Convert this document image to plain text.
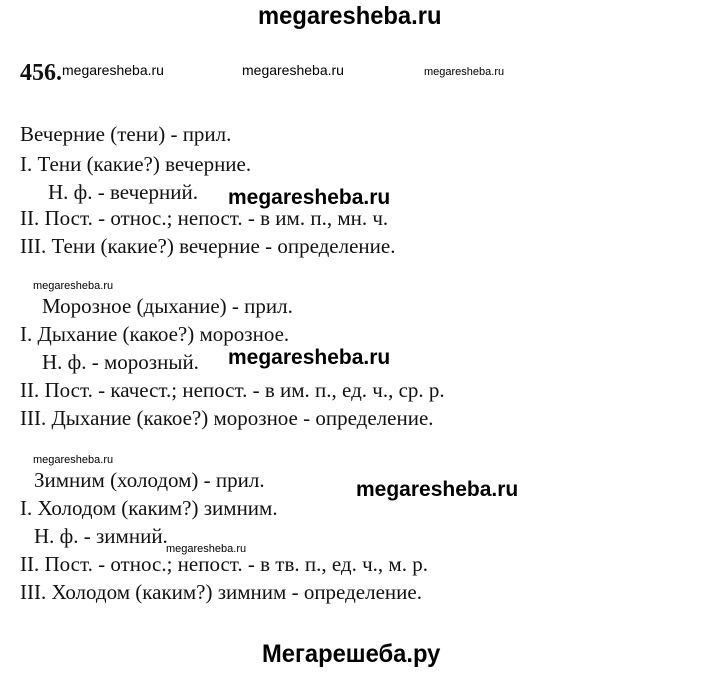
megaresheba.ru
456. megaresheba.ru	megaresheba.ru	megaresheba.ru
Вечерние (тени) - прил.
I. Тени (какие?) вечерние.
Н. ф. - вечерний. megaresheba.ru
II. Пост. - относ.; непост. - в им. п., мн. ч.
III. Тени (какие?) вечерние - определение.
megaresheba.ru
Морозное (дыхание) - прил.
I. Дыхание (какое?) морозное.
Н. ф. - морозный. megaresheba.ru
II. Пост. - качест.; непост. - в им. п., ед. ч., ср. р.
III. Дыхание (какое?) морозное - определение.
megaresheba.ru
Зимним (холодом) - прил.	megaresheba.ru
I. Холодом (каким?) зимним.
Н. ф. - зимний.
megaresheba.ru
II. Пост. - относ.; непост. - в тв. п., ед. ч., м. р.
III. Холодом (каким?) зимним - определение.
Мегарешеба.ру
